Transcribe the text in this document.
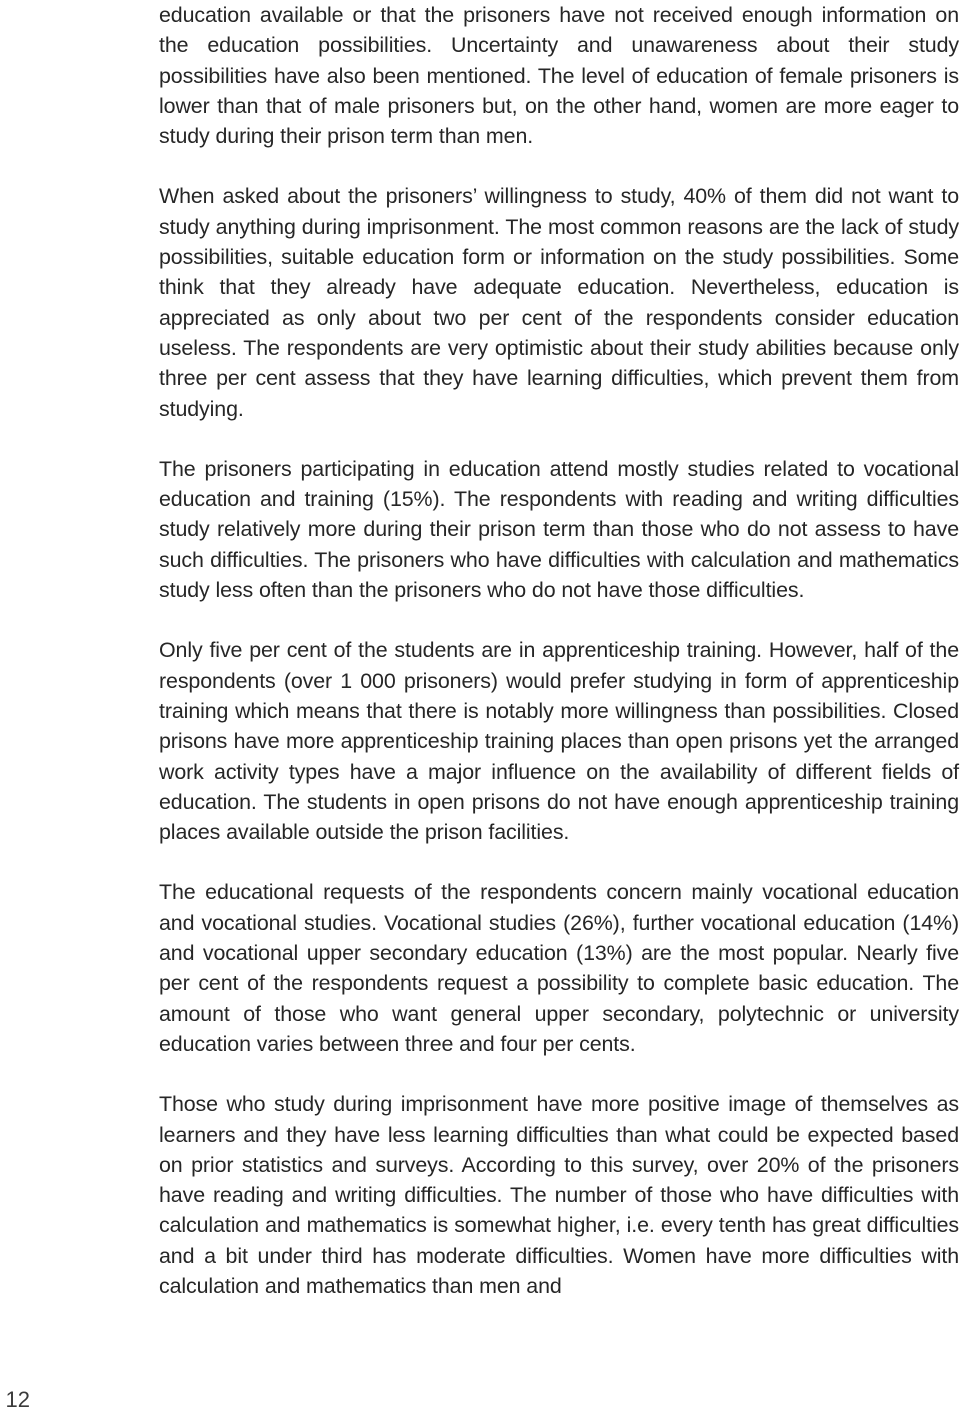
education available or that the prisoners have not received enough information on the education possibilities. Uncertainty and unawareness about their study possibilities have also been mentioned. The level of education of female prisoners is lower than that of male prisoners but, on the other hand, women are more eager to study during their prison term than men.

When asked about the prisoners’ willingness to study, 40% of them did not want to study anything during imprisonment. The most common reasons are the lack of study possibilities, suitable education form or information on the study possibilities. Some think that they already have adequate education. Nevertheless, education is appreciated as only about two per cent of the respondents consider education useless. The respondents are very optimistic about their study abilities because only three per cent assess that they have learning difficulties, which prevent them from studying.

The prisoners participating in education attend mostly studies related to vocational education and training (15%). The respondents with reading and writing difficulties study relatively more during their prison term than those who do not assess to have such difficulties. The prisoners who have difficulties with calculation and mathematics study less often than the prisoners who do not have those difficulties.

Only five per cent of the students are in apprenticeship training. However, half of the respondents (over 1 000 prisoners) would prefer studying in form of apprenticeship training which means that there is notably more willingness than possibilities. Closed prisons have more apprenticeship training places than open prisons yet the arranged work activity types have a major influence on the availability of different fields of education. The students in open prisons do not have enough apprenticeship training places available outside the prison facilities.

The educational requests of the respondents concern mainly vocational education and vocational studies. Vocational studies (26%), further vocational education (14%) and vocational upper secondary education (13%) are the most popular. Nearly five per cent of the respondents request a possibility to complete basic education. The amount of those who want general upper secondary, polytechnic or university education varies between three and four per cents.

Those who study during imprisonment have more positive image of themselves as learners and they have less learning difficulties than what could be expected based on prior statistics and surveys. According to this survey, over 20% of the prisoners have reading and writing difficulties. The number of those who have difficulties with calculation and mathematics is somewhat higher, i.e. every tenth has great difficulties and a bit under third has moderate difficulties. Women have more difficulties with calculation and mathematics than men and

12
